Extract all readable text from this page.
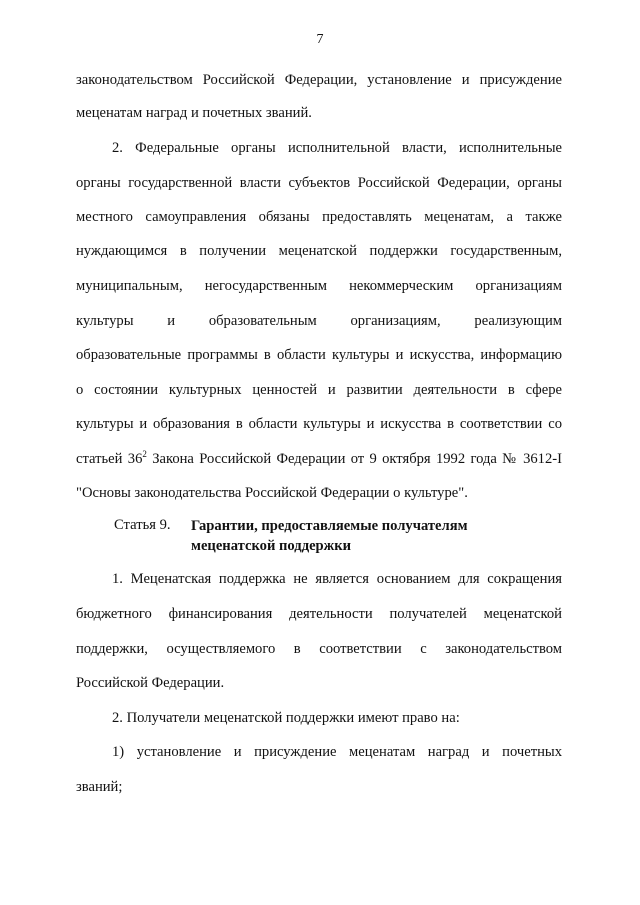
7
законодательством Российской Федерации, установление и присуждение
меценатам наград и почетных званий.
2. Федеральные органы исполнительной власти, исполнительные
органы государственной власти субъектов Российской Федерации, органы
местного самоуправления обязаны предоставлять меценатам, а также
нуждающимся в получении меценатской поддержки государственным,
муниципальным, негосударственным некоммерческим организациям
культуры и образовательным организациям, реализующим
образовательные программы в области культуры и искусства, информацию
о состоянии культурных ценностей и развитии деятельности в сфере
культуры и образования в области культуры и искусства в соответствии со
статьей $36^2$ Закона Российской Федерации от 9 октября 1992 года № 3612-I
"Основы законодательства Российской Федерации о культуре".
Статья 9. Гарантии, предоставляемые получателям
меценатской поддержки
1. Меценатская поддержка не является основанием для сокращения
бюджетного финансирования деятельности получателей меценатской
поддержки, осуществляемого в соответствии с законодательством
Российской Федерации.
2. Получатели меценатской поддержки имеют право на:
1) установление и присуждение меценатам наград и почетных
званий;
